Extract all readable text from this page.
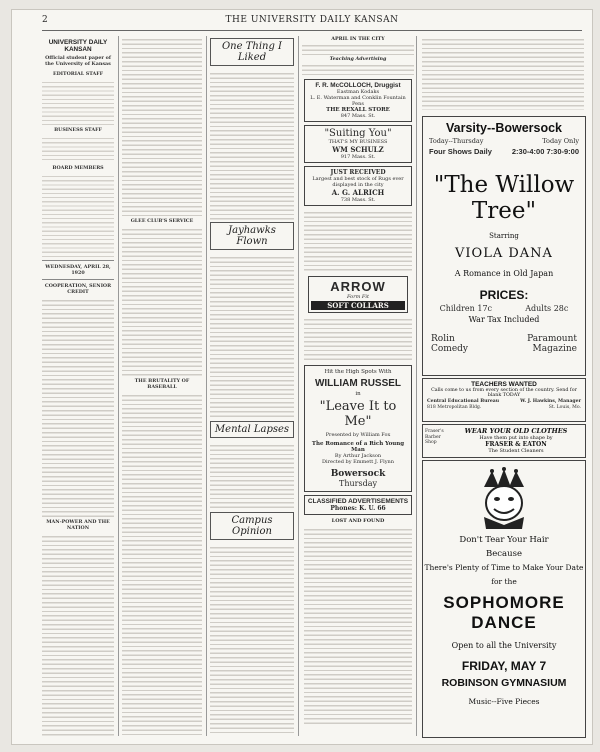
2	THE UNIVERSITY DAILY KANSAN
UNIVERSITY DAILY KANSAN
Official student paper of the University of Kansas
EDITORIAL STAFF
BUSINESS STAFF
BOARD MEMBERS
WEDNESDAY, APRIL 28, 1920
COOPERATION, SENIOR CREDIT
MAN-POWER AND THE NATION
GLEE CLUB'S SERVICE
THE BRUTALITY OF BASEBALL
One Thing I Liked
Jayhawks Flown
Mental Lapses
Campus Opinion
Varsity--Bowersock
Today--Thursday	Today Only
Four Shows Daily	2:30-4:00 7:30-9:00
"The Willow Tree"
Starring
VIOLA DANA
A Romance in Old Japan
PRICES:
Children 17c	Adults 28c
War Tax Included
Rolin Comedy
Paramount Magazine
TEACHERS WANTED
Calls come to us from every section of the country. Send for blank TODAY
Central Educational Bureau	W. J. Hawkins, Manager
818 Metropolitan Bldg.	St. Louis, Mo.
Fraser's Barber Shop
WEAR YOUR OLD CLOTHES
Have them put into shape by
FRASER & EATON
The Student Cleaners
Don't Tear Your Hair
Because
There's Plenty of Time to Make Your Date
for the
SOPHOMORE
DANCE
Open to all the University
FRIDAY, MAY 7
ROBINSON GYMNASIUM
Music--Five Pieces
APRIL IN THE CITY
Teaching Advertising
F. R. McCOLLOCH, Druggist
Eastman Kodaks
L. E. Waterman and Conklin Fountain Pens
THE REXALL STORE
847 Mass. St.
"Suiting You"
THAT'S MY BUSINESS
WM SCHULZ
917 Mass. St.
JUST RECEIVED
Largest and best stock of Rugs ever displayed in the city
A. G. ALRICH
738 Mass. St.
ARROW
Form Fit
SOFT COLLARS
Hit the High Spots With
WILLIAM RUSSEL
in
"Leave It to Me"
Presented by William Fox
The Romance of a Rich Young Man
By Arthur Jackson
Directed by Emmett J. Flynn
Bowersock
Thursday
CLASSIFIED ADVERTISEMENTS
Phones: K. U. 66
LOST AND FOUND
